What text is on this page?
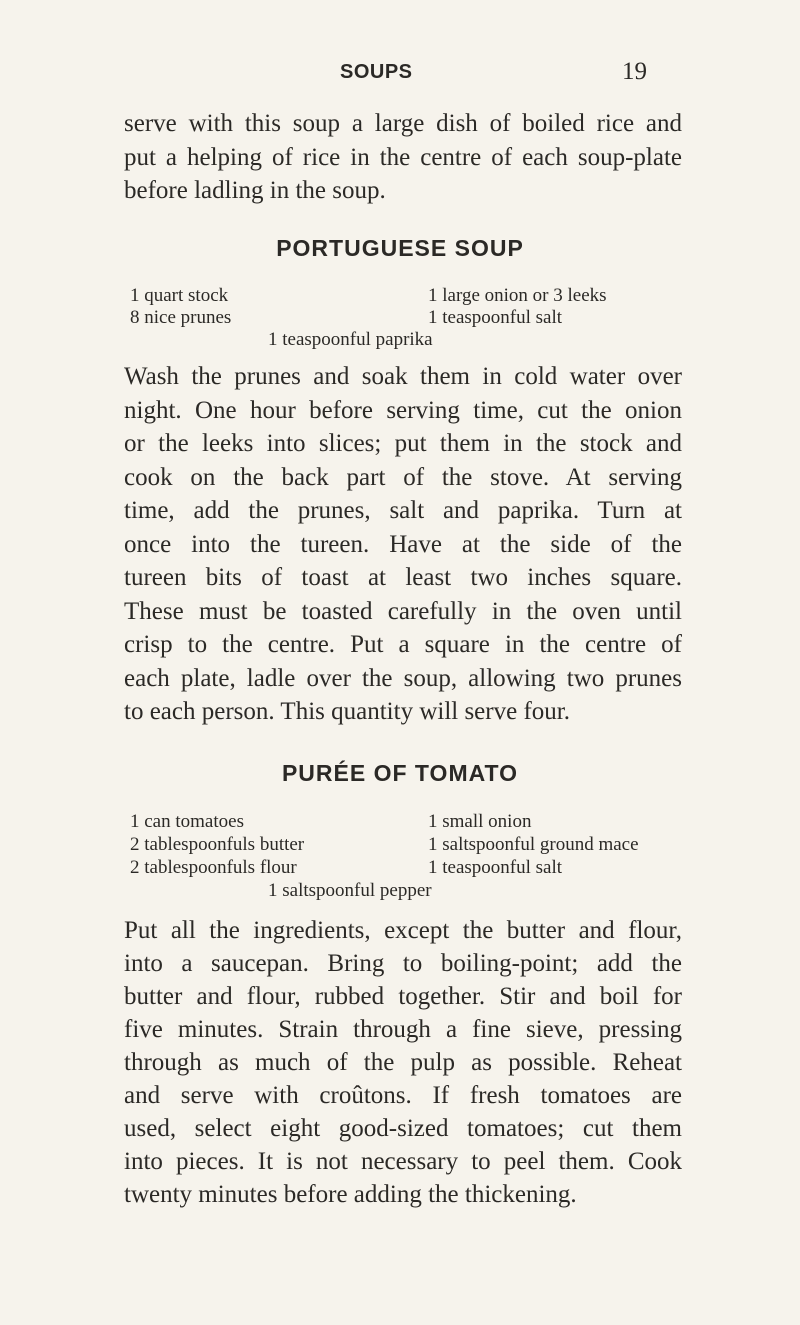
SOUPS	19
serve with this soup a large dish of boiled rice and
put a helping of rice in the centre of each soup-plate
before ladling in the soup.
PORTUGUESE SOUP
1 quart stock
8 nice prunes
1 large onion or 3 leeks
1 teaspoonful salt
1 teaspoonful paprika
Wash the prunes and soak them in cold water over
night. One hour before serving time, cut the onion
or the leeks into slices; put them in the stock and
cook on the back part of the stove. At serving
time, add the prunes, salt and paprika. Turn at
once into the tureen. Have at the side of the
tureen bits of toast at least two inches square.
These must be toasted carefully in the oven until
crisp to the centre. Put a square in the centre of
each plate, ladle over the soup, allowing two prunes
to each person. This quantity will serve four.
PURÉE OF TOMATO
1 can tomatoes
2 tablespoonfuls butter
2 tablespoonfuls flour
1 small onion
1 saltspoonful ground mace
1 teaspoonful salt
1 saltspoonful pepper
Put all the ingredients, except the butter and flour,
into a saucepan. Bring to boiling-point; add the
butter and flour, rubbed together. Stir and boil for
five minutes. Strain through a fine sieve, pressing
through as much of the pulp as possible. Reheat
and serve with croûtons. If fresh tomatoes are
used, select eight good-sized tomatoes; cut them
into pieces. It is not necessary to peel them. Cook
twenty minutes before adding the thickening.
